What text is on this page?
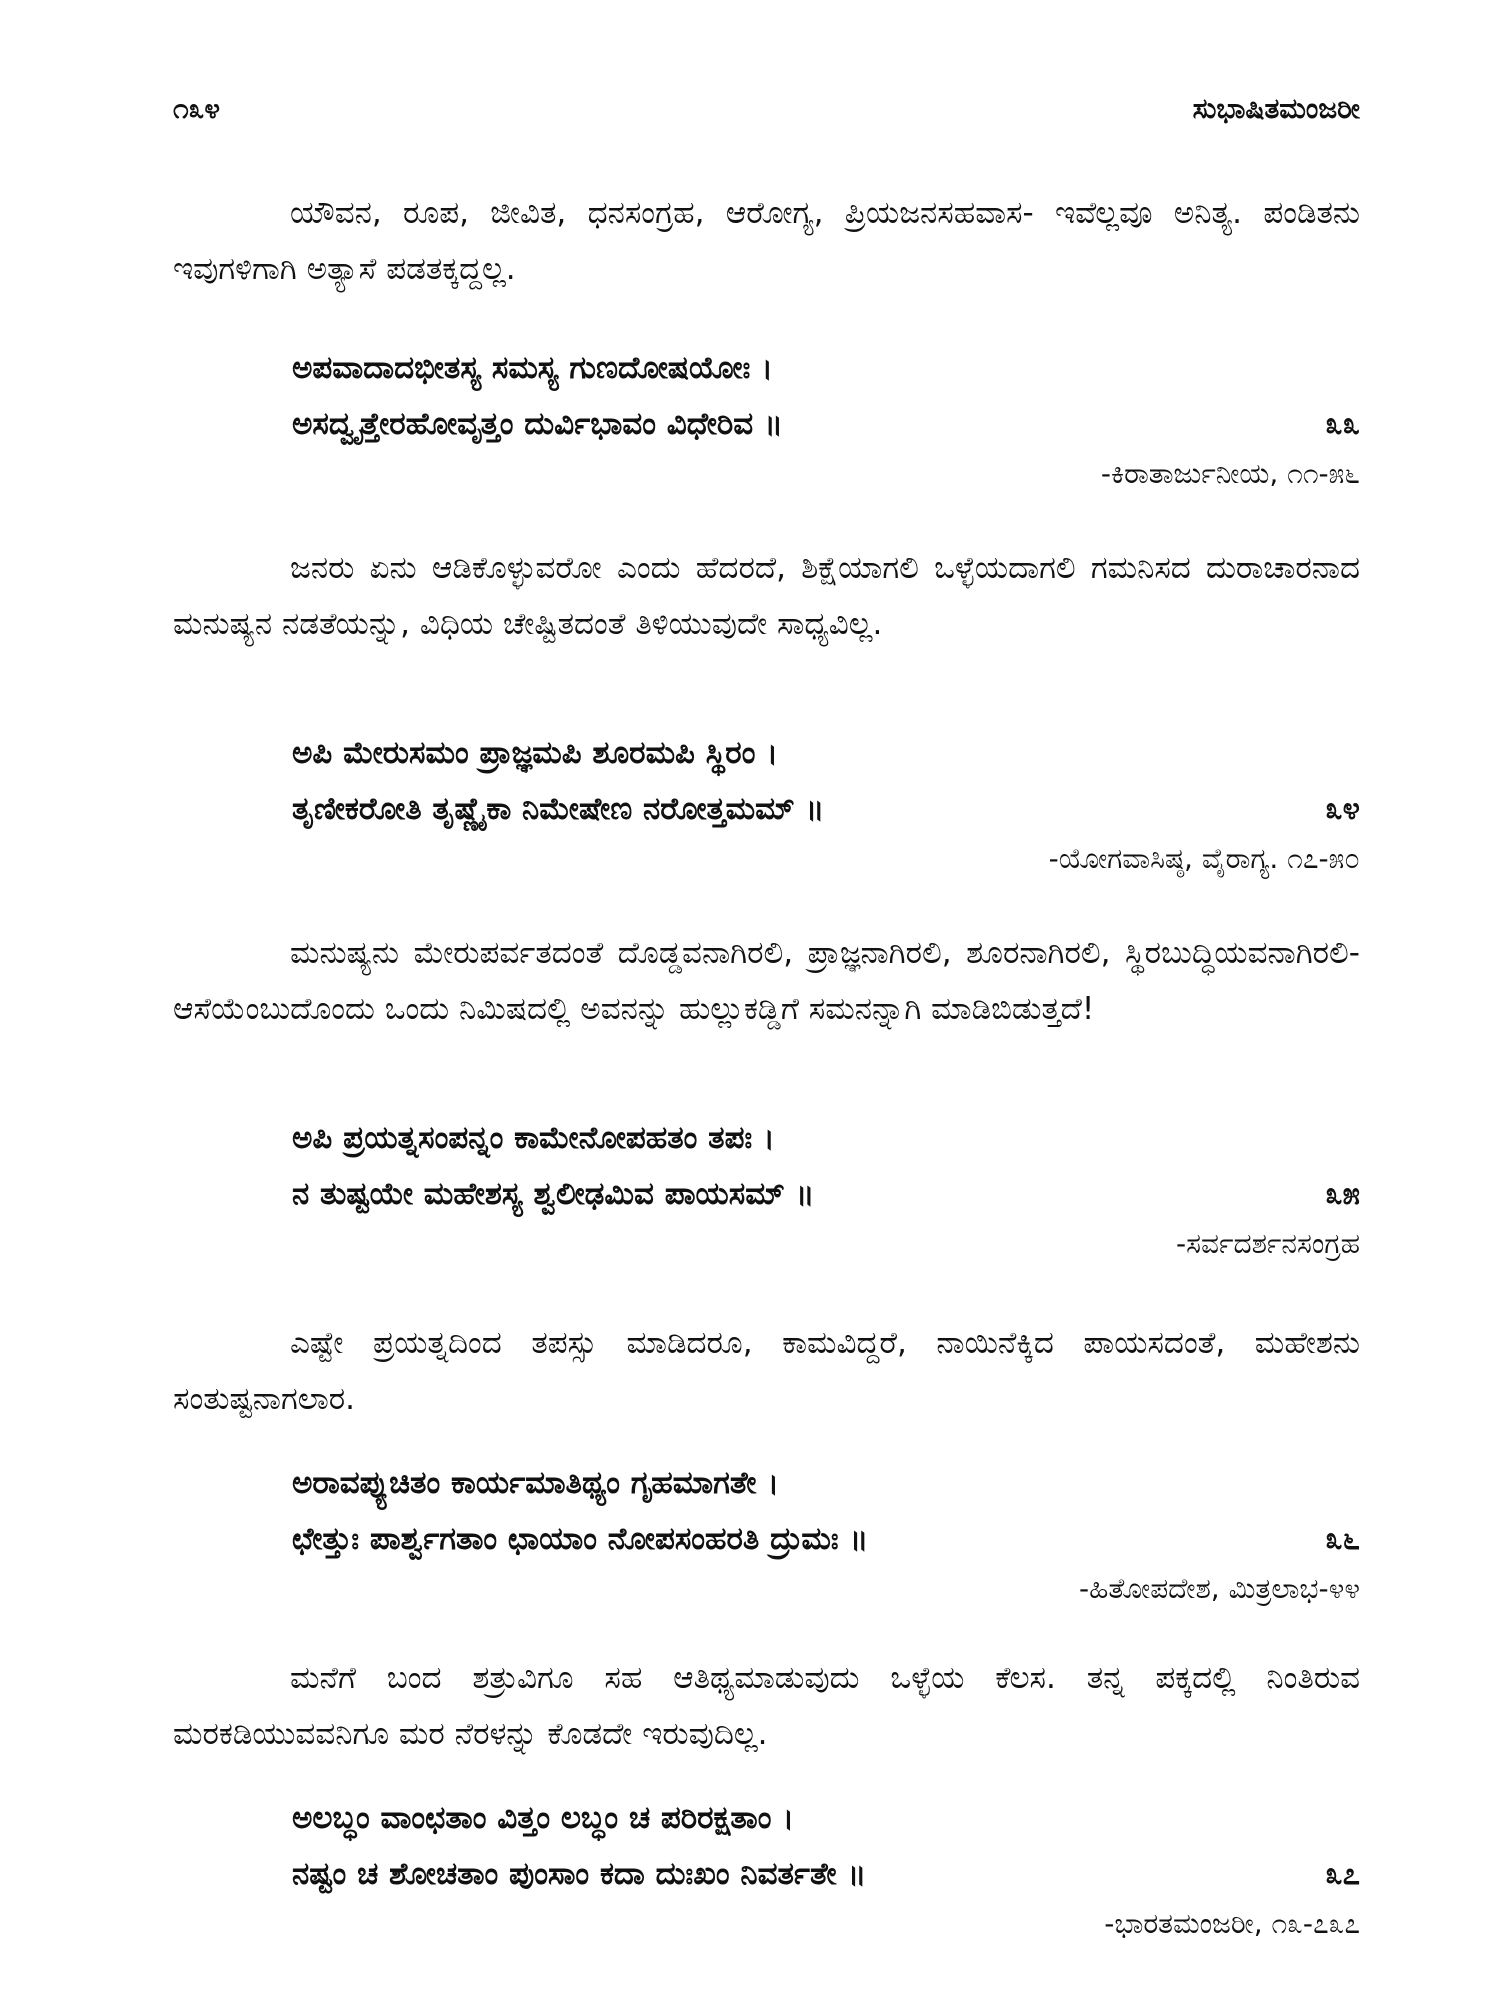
೧೩೪	ಸುಭಾಷಿತಮಂಜರೀ

ಯೌವನ, ರೂಪ, ಜೀವಿತ, ಧನಸಂಗ್ರಹ, ಆರೋಗ್ಯ, ಪ್ರಿಯಜನಸಹವಾಸ- ಇವೆಲ್ಲವೂ ಅನಿತ್ಯ. ಪಂಡಿತನು ಇವುಗಳಿಗಾಗಿ ಅತ್ಯಾಸೆ ಪಡತಕ್ಕದ್ದಲ್ಲ.

ಅಪವಾದಾದಭೀತಸ್ಯ ಸಮಸ್ಯ ಗುಣದೋಷಯೋಃ ।
ಅಸದ್ವೃತ್ತೇರಹೋವೃತ್ತಂ ದುರ್ವಿಭಾವಂ ವಿಧೇರಿವ ॥	೩೩
-ಕಿರಾತಾರ್ಜುನೀಯ, ೧೧-೫೬

ಜನರು ಏನು ಆಡಿಕೊಳ್ಳುವರೋ ಎಂದು ಹೆದರದೆ, ಶಿಕ್ಷೆಯಾಗಲಿ ಒಳ್ಳೆಯದಾಗಲಿ ಗಮನಿಸದ ದುರಾಚಾರನಾದ ಮನುಷ್ಯನ ನಡತೆಯನ್ನು, ವಿಧಿಯ ಚೇಷ್ಟಿತದಂತೆ ತಿಳಿಯುವುದೇ ಸಾಧ್ಯವಿಲ್ಲ.

ಅಪಿ ಮೇರುಸಮಂ ಪ್ರಾಜ್ಞಮಪಿ ಶೂರಮಪಿ ಸ್ಥಿರಂ ।
ತೃಣೀಕರೋತಿ ತೃಷ್ಣೈಕಾ ನಿಮೇಷೇಣ ನರೋತ್ತಮಮ್ ॥	೩೪
-ಯೋಗವಾಸಿಷ್ಠ, ವೈರಾಗ್ಯ. ೧೭-೫೦

ಮನುಷ್ಯನು ಮೇರುಪರ್ವತದಂತೆ ದೊಡ್ಡವನಾಗಿರಲಿ, ಪ್ರಾಜ್ಞನಾಗಿರಲಿ, ಶೂರನಾಗಿರಲಿ, ಸ್ಥಿರಬುದ್ಧಿಯವನಾಗಿರಲಿ-ಆಸೆಯೆಂಬುದೊಂದು ಒಂದು ನಿಮಿಷದಲ್ಲಿ ಅವನನ್ನು ಹುಲ್ಲುಕಡ್ಡಿಗೆ ಸಮನನ್ನಾಗಿ ಮಾಡಿಬಿಡುತ್ತದೆ!

ಅಪಿ ಪ್ರಯತ್ನಸಂಪನ್ನಂ ಕಾಮೇನೋಪಹತಂ ತಪಃ ।
ನ ತುಷ್ಟಯೇ ಮಹೇಶಸ್ಯ ಶ್ವಲೀಢಮಿವ ಪಾಯಸಮ್ ॥	೩೫
-ಸರ್ವದರ್ಶನಸಂಗ್ರಹ

ಎಷ್ಟೇ ಪ್ರಯತ್ನದಿಂದ ತಪಸ್ಸು ಮಾಡಿದರೂ, ಕಾಮವಿದ್ದರೆ, ನಾಯಿನೆಕ್ಕಿದ ಪಾಯಸದಂತೆ, ಮಹೇಶನು ಸಂತುಷ್ಟನಾಗಲಾರ.

ಅರಾವಪ್ಯುಚಿತಂ ಕಾರ್ಯಮಾತಿಥ್ಯಂ ಗೃಹಮಾಗತೇ ।
ಛೇತ್ತುಃ ಪಾರ್ಶ್ವಗತಾಂ ಛಾಯಾಂ ನೋಪಸಂಹರತಿ ದ್ರುಮಃ ॥	೩೬
-ಹಿತೋಪದೇಶ, ಮಿತ್ರಲಾಭ-೪೪

ಮನೆಗೆ ಬಂದ ಶತ್ರುವಿಗೂ ಸಹ ಆತಿಥ್ಯಮಾಡುವುದು ಒಳ್ಳೆಯ ಕೆಲಸ. ತನ್ನ ಪಕ್ಕದಲ್ಲಿ ನಿಂತಿರುವ ಮರಕಡಿಯುವವನಿಗೂ ಮರ ನೆರಳನ್ನು ಕೊಡದೇ ಇರುವುದಿಲ್ಲ.

ಅಲಬ್ಧಂ ವಾಂಛತಾಂ ವಿತ್ತಂ ಲಬ್ಧಂ ಚ ಪರಿರಕ್ಷತಾಂ ।
ನಷ್ಟಂ ಚ ಶೋಚತಾಂ ಪುಂಸಾಂ ಕದಾ ದುಃಖಂ ನಿವರ್ತತೇ ॥	೩೭
-ಭಾರತಮಂಜರೀ, ೧೩-೭೩೭
